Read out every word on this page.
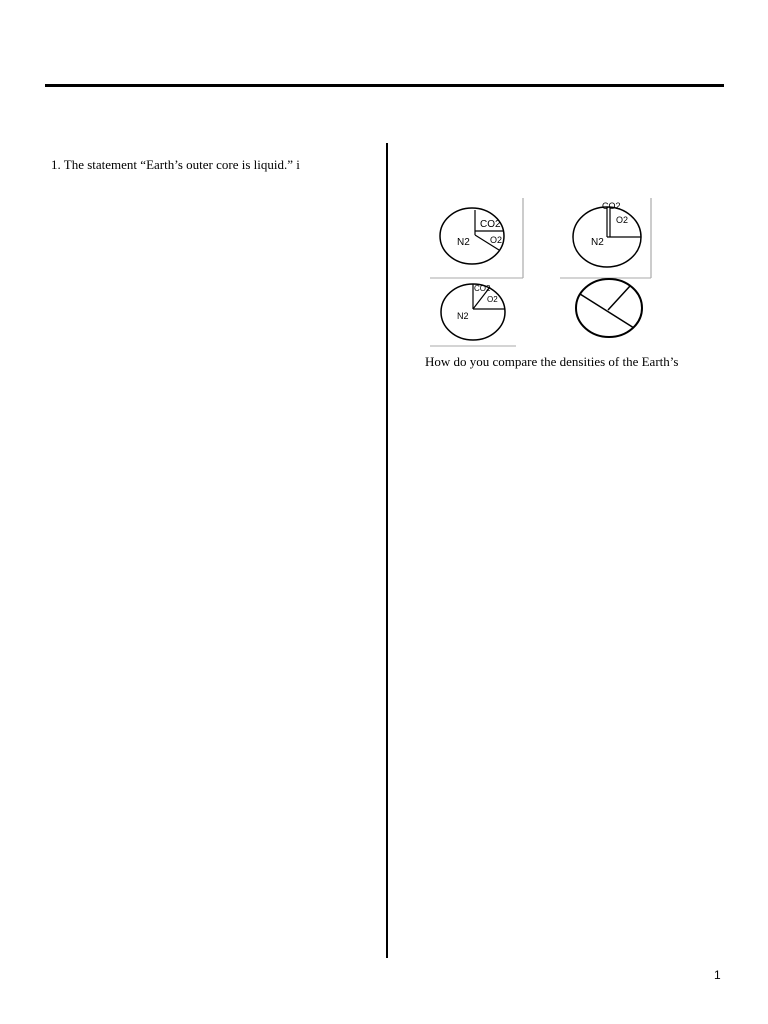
1. The statement “Earth’s outer core is liquid.” i
CO2
O2
N2
CO2
O2
N2
CO2
O2
N2
How do you compare the densities of the Earth’s
1
